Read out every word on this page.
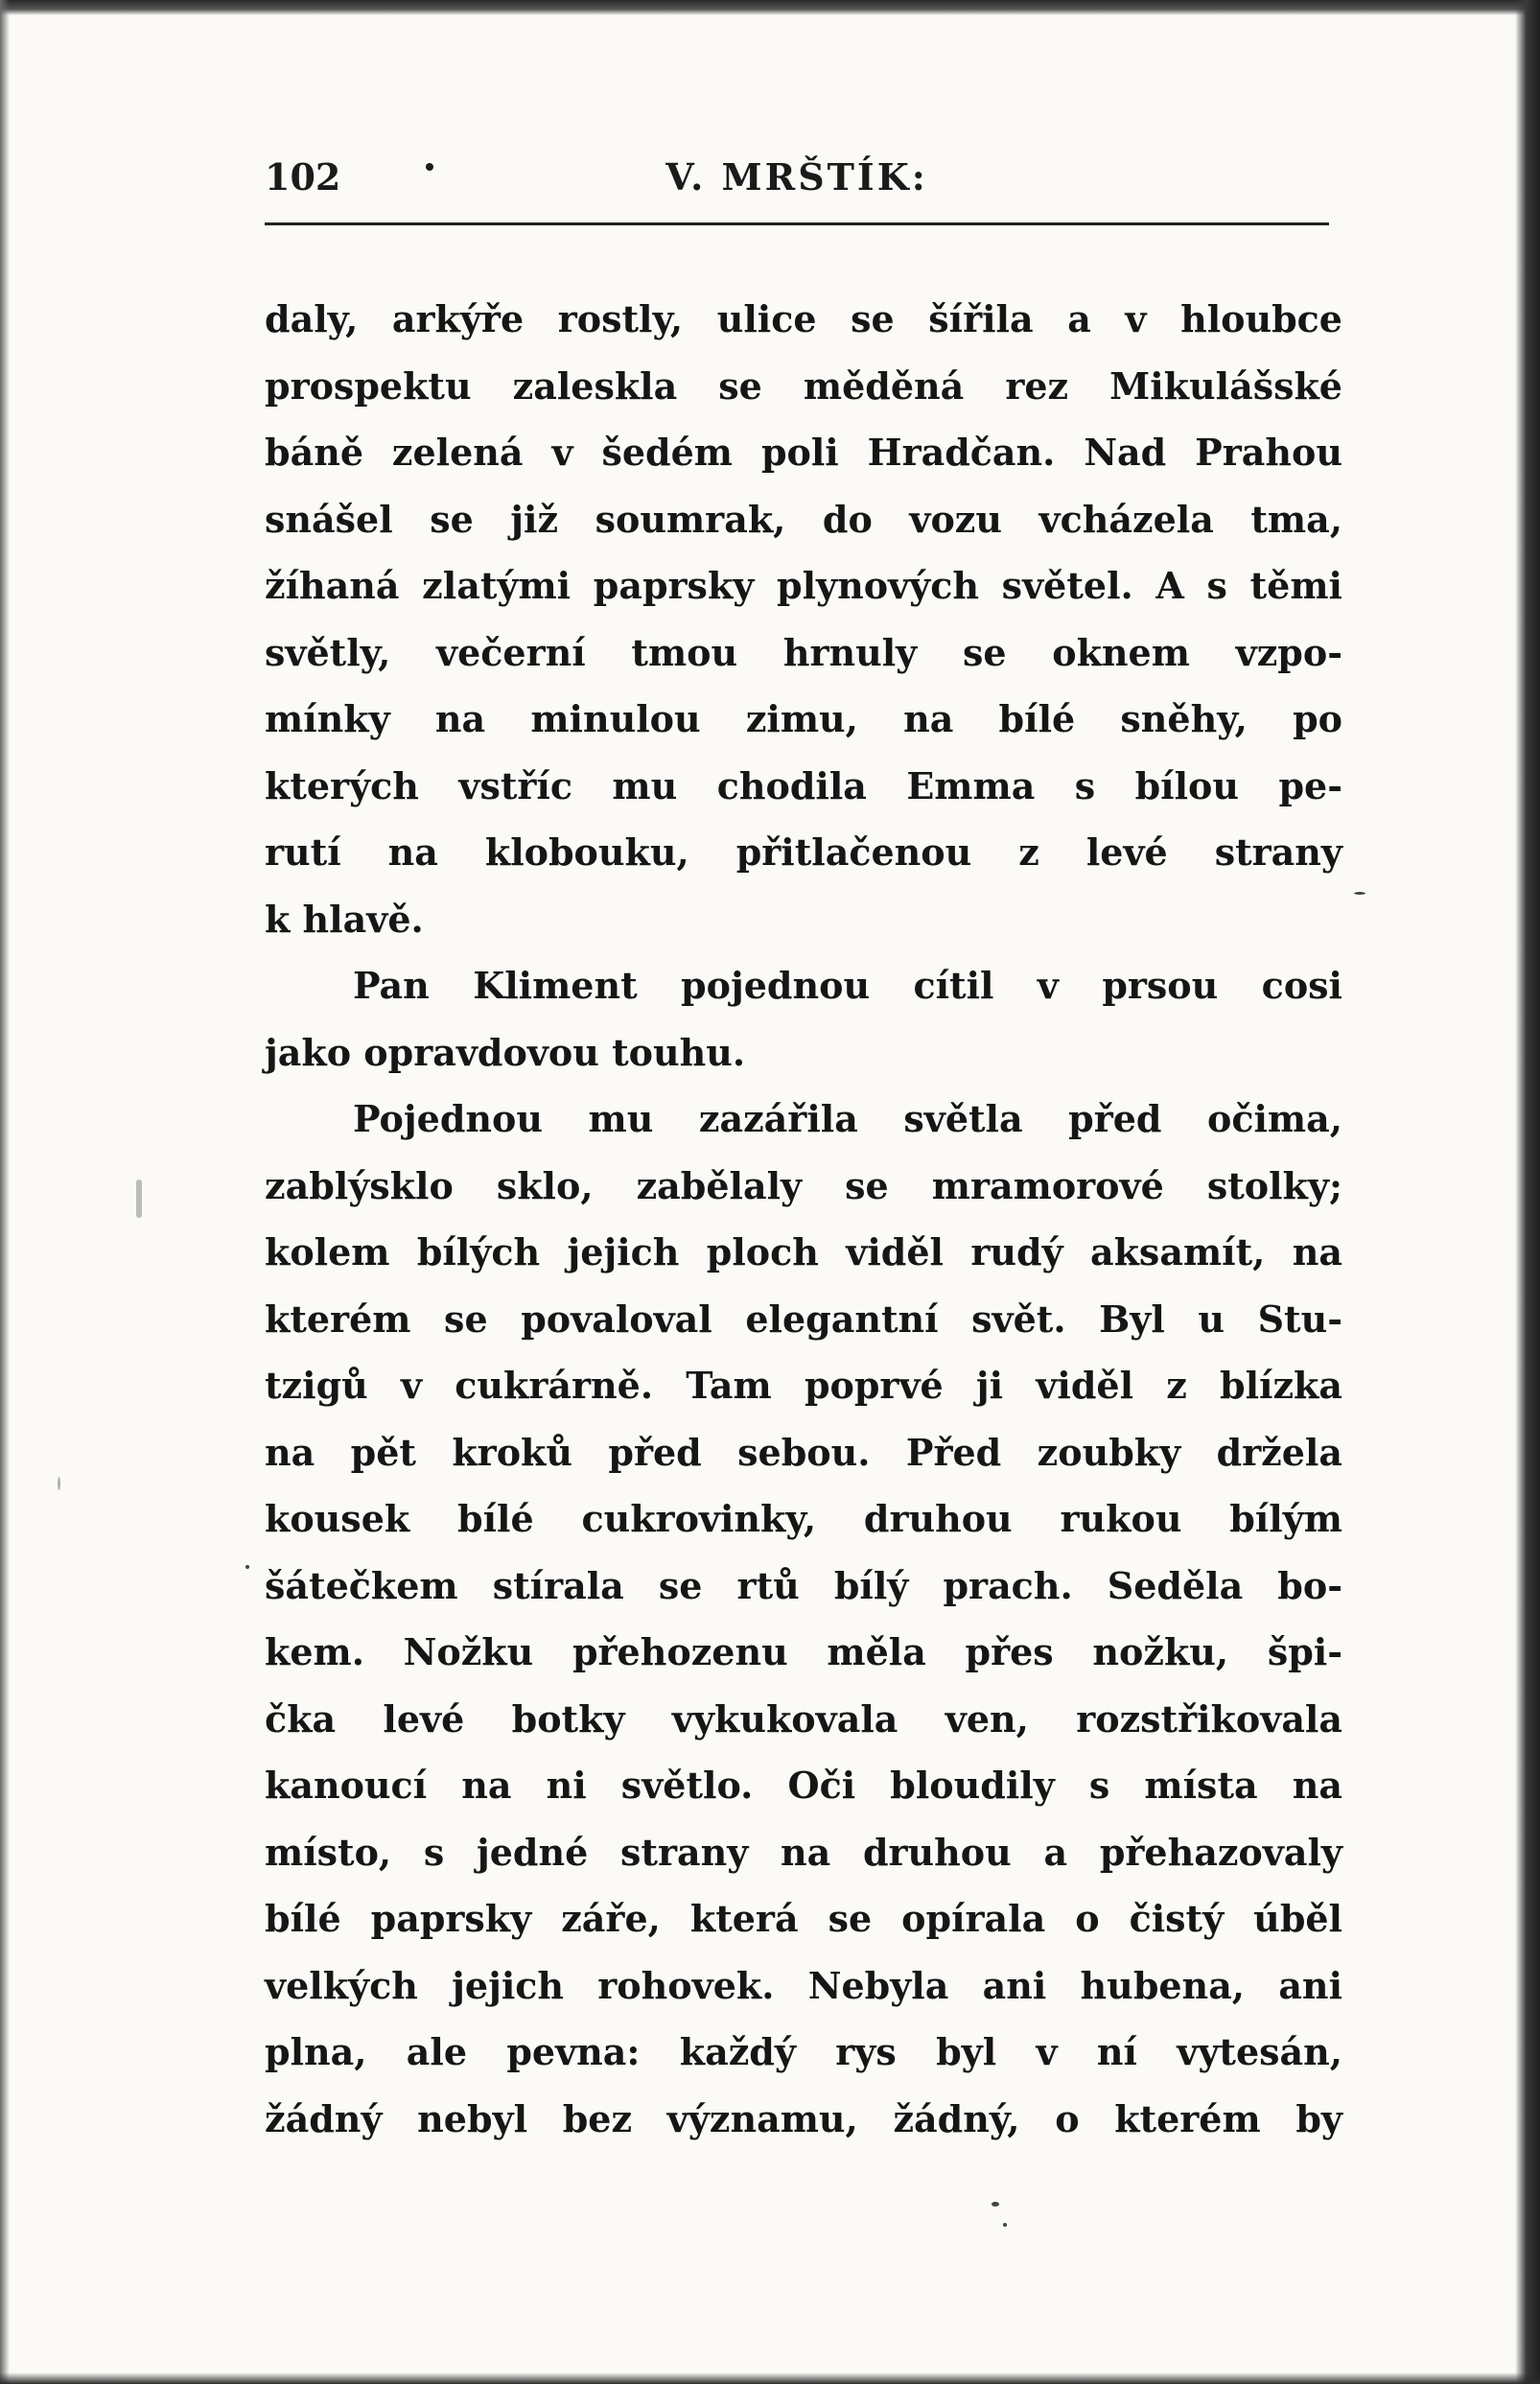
102	V. MRŠTÍK:
daly, arkýře rostly, ulice se šířila a v hloubce
prospektu zaleskla se měděná rez Mikulášské
báně zelená v šedém poli Hradčan. Nad Prahou
snášel se již soumrak, do vozu vcházela tma,
žíhaná zlatými paprsky plynových světel. A s těmi
světly, večerní tmou hrnuly se oknem vzpo-
mínky na minulou zimu, na bílé sněhy, po
kterých vstříc mu chodila Emma s bílou pe-
rutí na klobouku, přitlačenou z levé strany
k hlavě.
Pan Kliment pojednou cítil v prsou cosi
jako opravdovou touhu.
Pojednou mu zazářila světla před očima,
zablýsklo sklo, zabělaly se mramorové stolky;
kolem bílých jejich ploch viděl rudý aksamít, na
kterém se povaloval elegantní svět. Byl u Stu-
tzigů v cukrárně. Tam poprvé ji viděl z blízka
na pět kroků před sebou. Před zoubky držela
kousek bílé cukrovinky, druhou rukou bílým
šátečkem stírala se rtů bílý prach. Seděla bo-
kem. Nožku přehozenu měla přes nožku, špi-
čka levé botky vykukovala ven, rozstřikovala
kanoucí na ni světlo. Oči bloudily s místa na
místo, s jedné strany na druhou a přehazovaly
bílé paprsky záře, která se opírala o čistý úběl
velkých jejich rohovek. Nebyla ani hubena, ani
plna, ale pevna: každý rys byl v ní vytesán,
žádný nebyl bez významu, žádný, o kterém by
